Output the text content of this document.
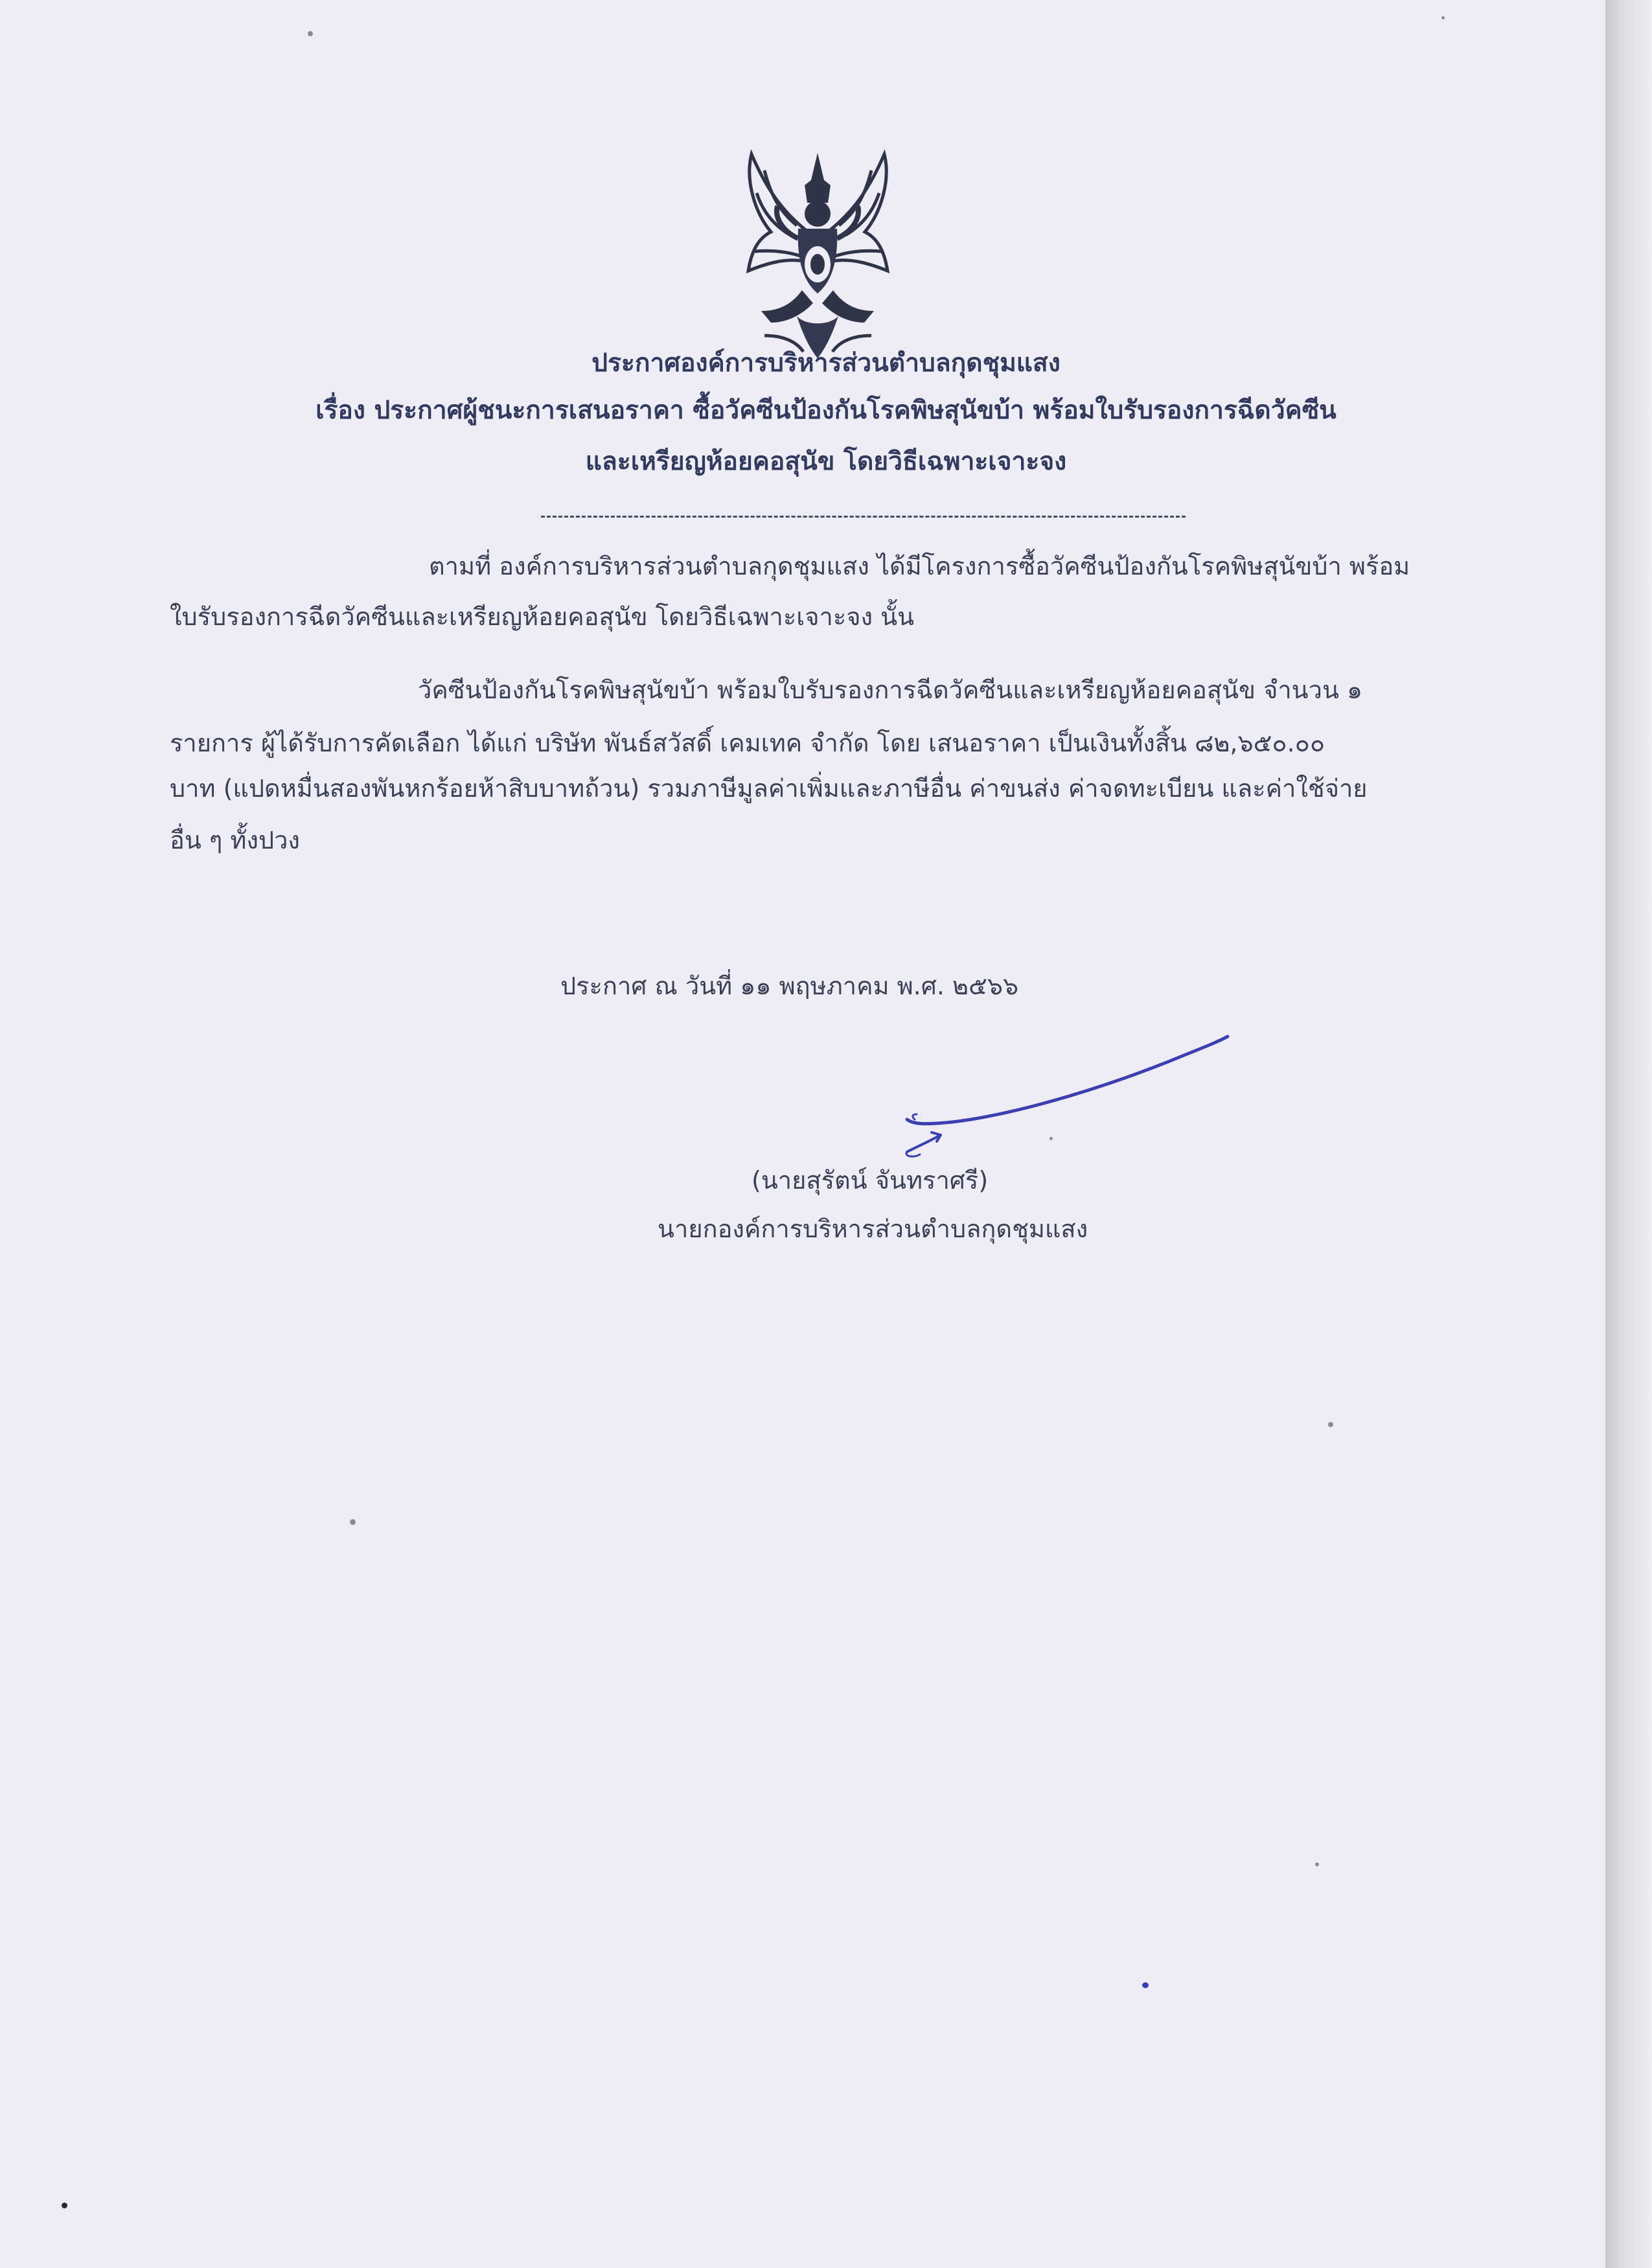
ประกาศองค์การบริหารส่วนตำบลกุดชุมแสง

เรื่อง ประกาศผู้ชนะการเสนอราคา ซื้อวัคซีนป้องกันโรคพิษสุนัขบ้า พร้อมใบรับรองการฉีดวัคซีน

และเหรียญห้อยคอสุนัข โดยวิธีเฉพาะเจาะจง

ตามที่ องค์การบริหารส่วนตำบลกุดชุมแสง ได้มีโครงการซื้อวัคซีนป้องกันโรคพิษสุนัขบ้า พร้อม

ใบรับรองการฉีดวัคซีนและเหรียญห้อยคอสุนัข โดยวิธีเฉพาะเจาะจง นั้น

วัคซีนป้องกันโรคพิษสุนัขบ้า พร้อมใบรับรองการฉีดวัคซีนและเหรียญห้อยคอสุนัข จำนวน ๑

รายการ ผู้ได้รับการคัดเลือก ได้แก่ บริษัท พันธ์สวัสดิ์ เคมเทค จำกัด โดย เสนอราคา เป็นเงินทั้งสิ้น ๘๒,๖๕๐.๐๐

บาท (แปดหมื่นสองพันหกร้อยห้าสิบบาทถ้วน) รวมภาษีมูลค่าเพิ่มและภาษีอื่น ค่าขนส่ง ค่าจดทะเบียน และค่าใช้จ่าย

อื่น ๆ ทั้งปวง

ประกาศ ณ วันที่ ๑๑ พฤษภาคม พ.ศ. ๒๕๖๖

(นายสุรัตน์ จันทราศรี)

นายกองค์การบริหารส่วนตำบลกุดชุมแสง
